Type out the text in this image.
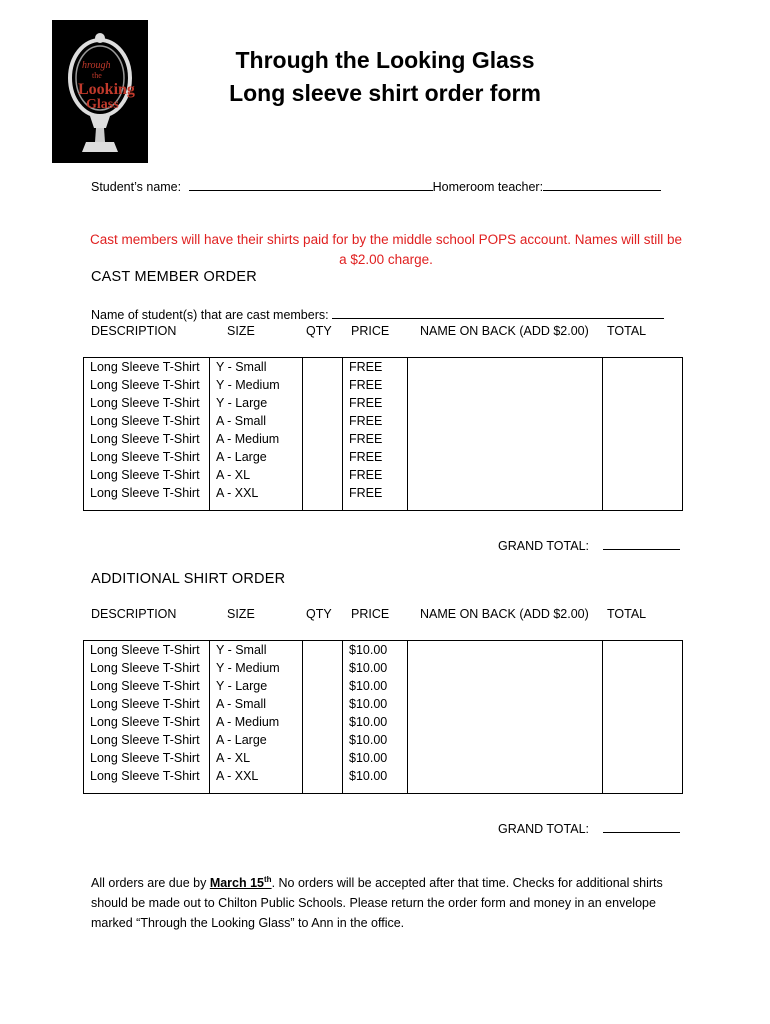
hrough
the
Looking
Glass
Through the Looking Glass
Long sleeve shirt order form
Student’s name:	Homeroom teacher:
Cast members will have their shirts paid for by the middle school POPS account. Names will still be a $2.00 charge.
CAST MEMBER ORDER
Name of student(s) that are cast members:
DESCRIPTION	SIZE	QTY PRICE NAME ON BACK (ADD $2.00) TOTAL
Long Sleeve T-Shirt	Y - Small		FREE		
Long Sleeve T-Shirt	Y - Medium		FREE		
Long Sleeve T-Shirt	Y - Large		FREE		
Long Sleeve T-Shirt	A - Small		FREE		
Long Sleeve T-Shirt	A - Medium		FREE		
Long Sleeve T-Shirt	A - Large		FREE		
Long Sleeve T-Shirt	A - XL		FREE		
Long Sleeve T-Shirt	A - XXL		FREE		

GRAND TOTAL:
ADDITIONAL SHIRT ORDER
DESCRIPTION	SIZE	QTY PRICE NAME ON BACK (ADD $2.00) TOTAL
Long Sleeve T-Shirt	Y - Small		$10.00		
Long Sleeve T-Shirt	Y - Medium		$10.00		
Long Sleeve T-Shirt	Y - Large		$10.00		
Long Sleeve T-Shirt	A - Small		$10.00		
Long Sleeve T-Shirt	A - Medium		$10.00		
Long Sleeve T-Shirt	A - Large		$10.00		
Long Sleeve T-Shirt	A - XL		$10.00		
Long Sleeve T-Shirt	A - XXL		$10.00		

GRAND TOTAL:
All orders are due by March 15th. No orders will be accepted after that time. Checks for additional shirts should be made out to Chilton Public Schools. Please return the order form and money in an envelope marked “Through the Looking Glass” to Ann in the office.
